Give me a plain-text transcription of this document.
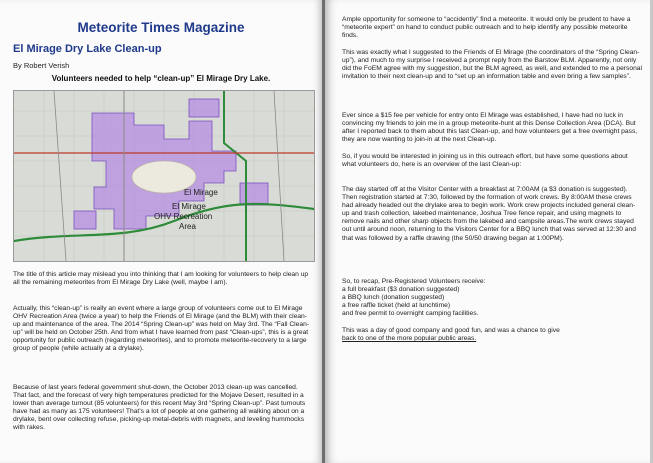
Meteorite Times Magazine
El Mirage Dry Lake Clean-up
By Robert Verish
Volunteers needed to help “clean-up” El Mirage Dry Lake.
El Mirage
El Mirage
OHV Recreation
Area
The title of this article may mislead you into thinking that I am looking for volunteers to help clean up all the remaining meteorites from El Mirage Dry Lake (well, maybe I am).
Actually, this “clean-up” is really an event where a large group of volunteers come out to El Mirage OHV Recreation Area (twice a year) to help the Friends of El Mirage (and the BLM) with their clean-up and maintenance of the area. The 2014 “Spring Clean-up” was held on May 3rd. The “Fall Clean-up” will be held on October 25th. And from what I have learned from past “Clean-ups”, this is a great opportunity for public outreach (regarding meteorites), and to promote meteorite-recovery to a large group of people (while actually at a drylake).
Because of last years federal government shut-down, the October 2013 clean-up was cancelled. That fact, and the forecast of very high temperatures predicted for the Mojave Desert, resulted in a lower than average turnout (85 volunteers) for this recent May 3rd “Spring Clean-up”. Past turnouts have had as many as 175 volunteers! That’s a lot of people at one gathering all walking about on a drylake, bent over collecting refuse, picking-up metal-debris with magnets, and leveling hummocks with rakes.
Ample opportunity for someone to “accidently” find a meteorite. It would only be prudent to have a “meteorite expert” on hand to conduct public outreach and to help identify any possible meteorite finds.
This was exactly what I suggested to the Friends of El Mirage (the coordinators of the “Spring Clean-up”), and much to my surprise I received a prompt reply from the Barstow BLM. Apparently, not only did the FoEM agree with my suggestion, but the BLM agreed, as well, and extended to me a personal invitation to their next clean-up and to “set up an information table and even bring a few samples”.
Ever since a $15 fee per vehicle for entry onto El Mirage was established, I have had no luck in convincing my friends to join me in a group meteorite-hunt at this Dense Collection Area (DCA). But after I reported back to them about this last Clean-up, and how volunteers get a free overnight pass, they are now wanting to join-in at the next Clean-up.
So, if you would be interested in joining us in this outreach effort, but have some questions about what volunteers do, here is an overview of the last Clean-up:
The day started off at the Visitor Center with a breakfast at 7:00AM (a $3 donation is suggested). Then registration started at 7:30, followed by the formation of work crews. By 8:00AM these crews had already headed out the drylake area to begin work. Work crew projects included general clean-up and trash collection, lakebed maintenance, Joshua Tree fence repair, and using magnets to remove nails and other sharp objects from the lakebed and campsite areas.The work crews stayed out until around noon, returning to the Visitors Center for a BBQ lunch that was served at 12:30 and that was followed by a raffle drawing (the 50/50 drawing began at 1:00PM).
So, to recap, Pre-Registered Volunteers receive:
a full breakfast ($3 donation suggested)
a BBQ lunch (donation suggested)
a free raffle ticket (held at lunchtime)
and free permit to overnight camping facilities.
This was a day of good company and good fun, and was a chance to give
back to one of the more popular public areas.
